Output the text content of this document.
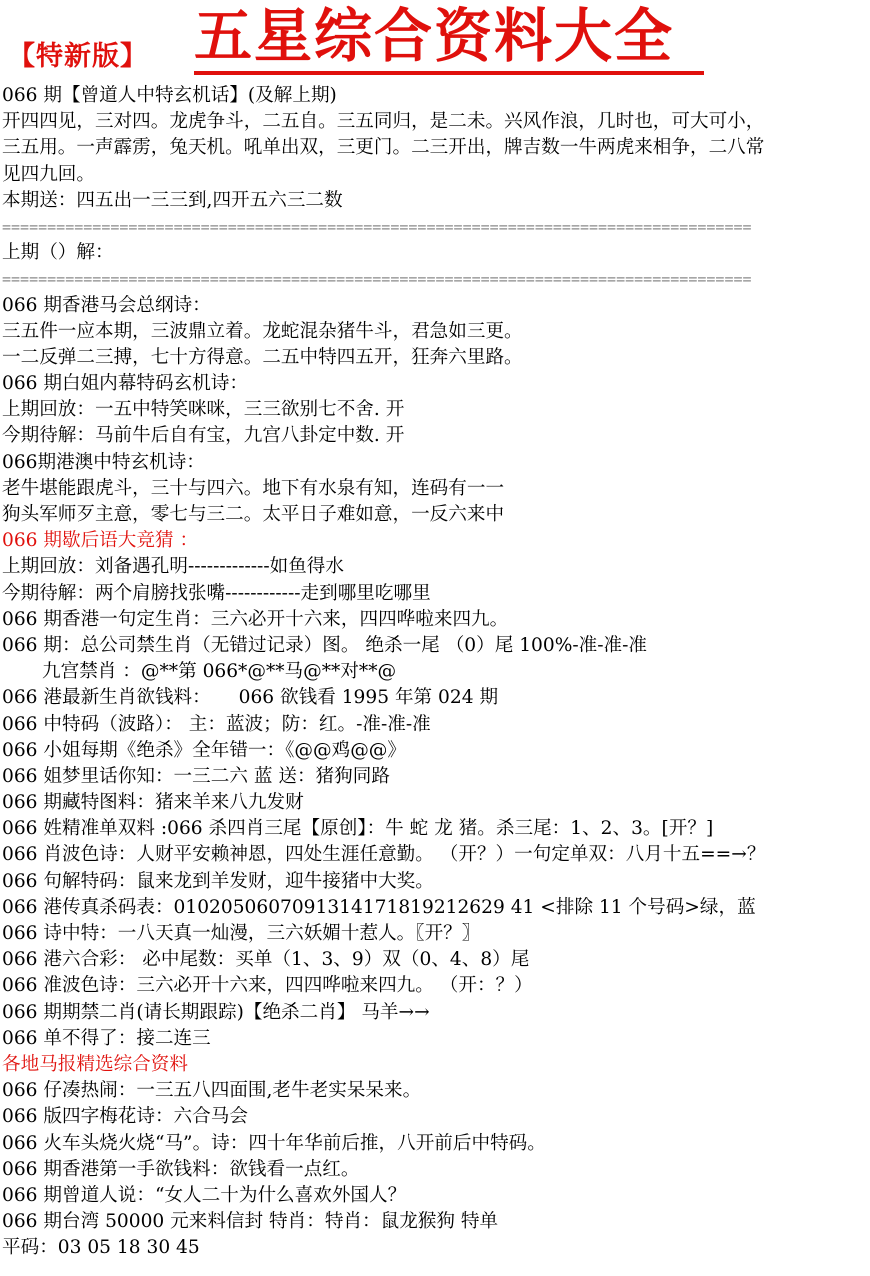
【特新版】 五星综合资料大全
066 期【曾道人中特玄机话】(及解上期)
开四四见，三对四。龙虎争斗，二五自。三五同归，是二未。兴风作浪，几时也，可大可小，
三五用。一声霹雳，兔天机。吼单出双，三更门。二三开出，牌吉数一牛两虎来相争，二八常
见四九回。
本期送：四五出一三三到,四开五六三二数
===================================================================================
上期（）解：
===================================================================================
066 期香港马会总纲诗：
三五件一应本期，三波鼎立着。龙蛇混杂猪牛斗，君急如三更。
一二反弹二三搏，七十方得意。二五中特四五开，狂奔六里路。
066 期白姐内幕特码玄机诗：
上期回放：一五中特笑咪咪，三三欲别七不舍. 开
今期待解：马前牛后自有宝，九宫八卦定中数. 开
066期港澳中特玄机诗：
老牛堪能跟虎斗，三十与四六。地下有水泉有知，连码有一一
狗头军师歹主意，零七与三二。太平日子难如意，一反六来中
066 期歇后语大竞猜 ：
上期回放：刘备遇孔明-------------如鱼得水
今期待解：两个肩膀找张嘴------------走到哪里吃哪里
066 期香港一句定生肖：三六必开十六来，四四哗啦来四九。
066 期：总公司禁生肖（无错过记录）图。 绝杀一尾 （0）尾 100%-准-准-准
九宫禁肖 ：@**第 066*@**马@**对**@
066 港最新生肖欲钱料：　　066 欲钱看 1995 年第 024 期
066 中特码（波路）： 主：蓝波；防：红。-准-准-准
066 小姐每期《绝杀》全年错一：《@@鸡@@》
066 姐梦里话你知：一三二六 蓝 送：猪狗同路
066 期藏特图料：猪来羊来八九发财
066 姓精准单双料 :066 杀四肖三尾【原创】：牛 蛇 龙 猪。杀三尾：1、2、3。[开？]
066 肖波色诗：人财平安赖神恩，四处生涯任意勤。 （开？）一句定单双：八月十五==→？
066 句解特码：鼠来龙到羊发财，迎牛接猪中大奖。
066 港传真杀码表：0102050607091314171819212629 41 <排除 11 个号码>绿，蓝
066 诗中特：一八天真一灿漫，三六妖媚十惹人。〖开？〗
066 港六合彩： 必中尾数：买单（1、3、9）双（0、4、8）尾
066 准波色诗：三六必开十六来，四四哗啦来四九。 （开：？）
066 期期禁二肖(请长期跟踪)【绝杀二肖】 马羊→→
066 单不得了：接二连三
各地马报精选综合资料
066 仔凑热闹：一三五八四面围,老牛老实呆呆来。
066 版四字梅花诗：六合马会
066 火车头烧火烧“马”。诗：四十年华前后推，八开前后中特码。
066 期香港第一手欲钱料：欲钱看一点红。
066 期曾道人说：“女人二十为什么喜欢外国人？
066 期台湾 50000 元来料信封 特肖：特肖：鼠龙猴狗 特单
平码：03 05 18 30 45
